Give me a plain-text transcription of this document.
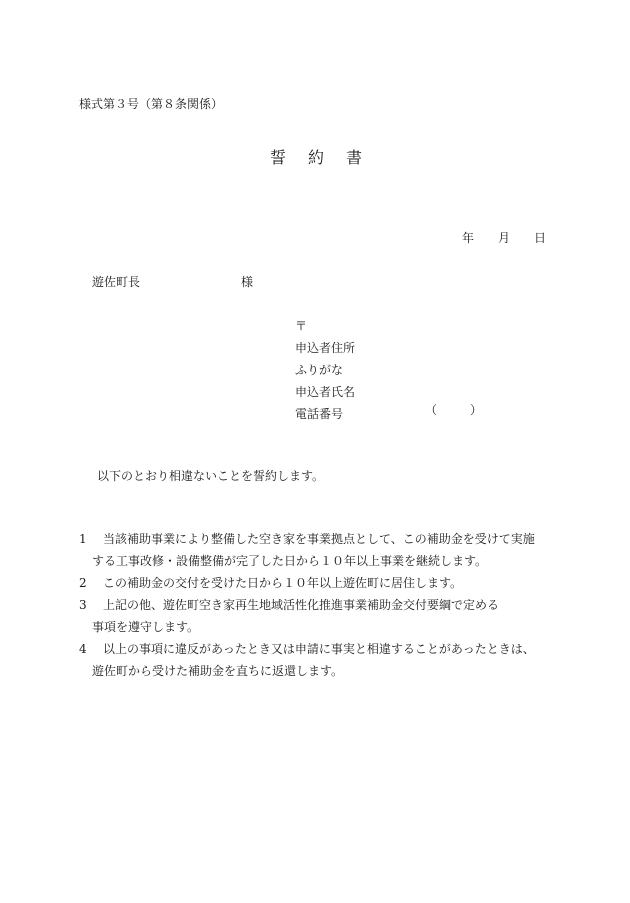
様式第３号（第８条関係）
誓 約 書
年 月 日
遊佐町長	様
〒
申込者住所
ふりがな
申込者氏名
電話番号	（	）
以下のとおり相違ないことを誓約します。
1	当該補助事業により整備した空き家を事業拠点として、この補助金を受けて実施
する工事改修・設備整備が完了した日から１０年以上事業を継続します。
2	この補助金の交付を受けた日から１０年以上遊佐町に居住します。
3	上記の他、遊佐町空き家再生地域活性化推進事業補助金交付要綱で定める
事項を遵守します。
4	以上の事項に違反があったとき又は申請に事実と相違することがあったときは、
遊佐町から受けた補助金を直ちに返還します。
